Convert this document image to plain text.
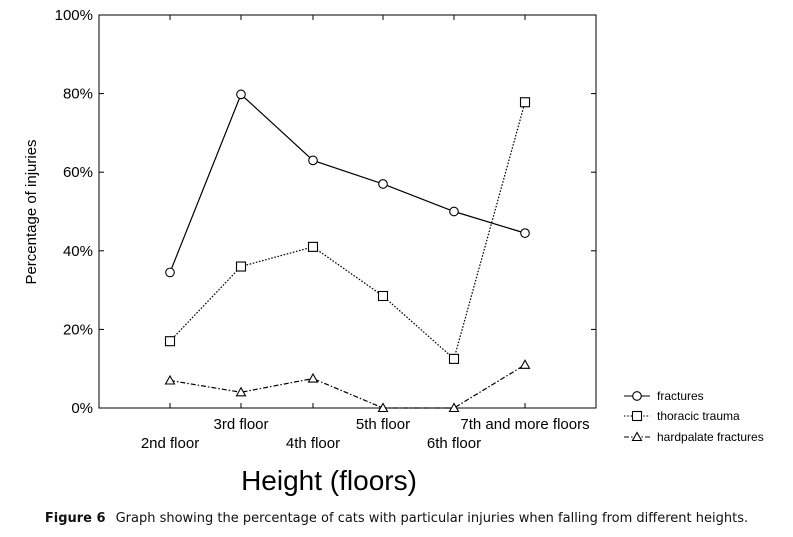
0%
20%
40%
60%
80%
100%
2nd floor
3rd floor
4th floor
5th floor
6th floor
7th and more floors
Percentage of injuries
Height (floors)
fractures
thoracic trauma
hardpalate fractures
Figure 6 Graph showing the percentage of cats with particular injuries when falling from different heights.
